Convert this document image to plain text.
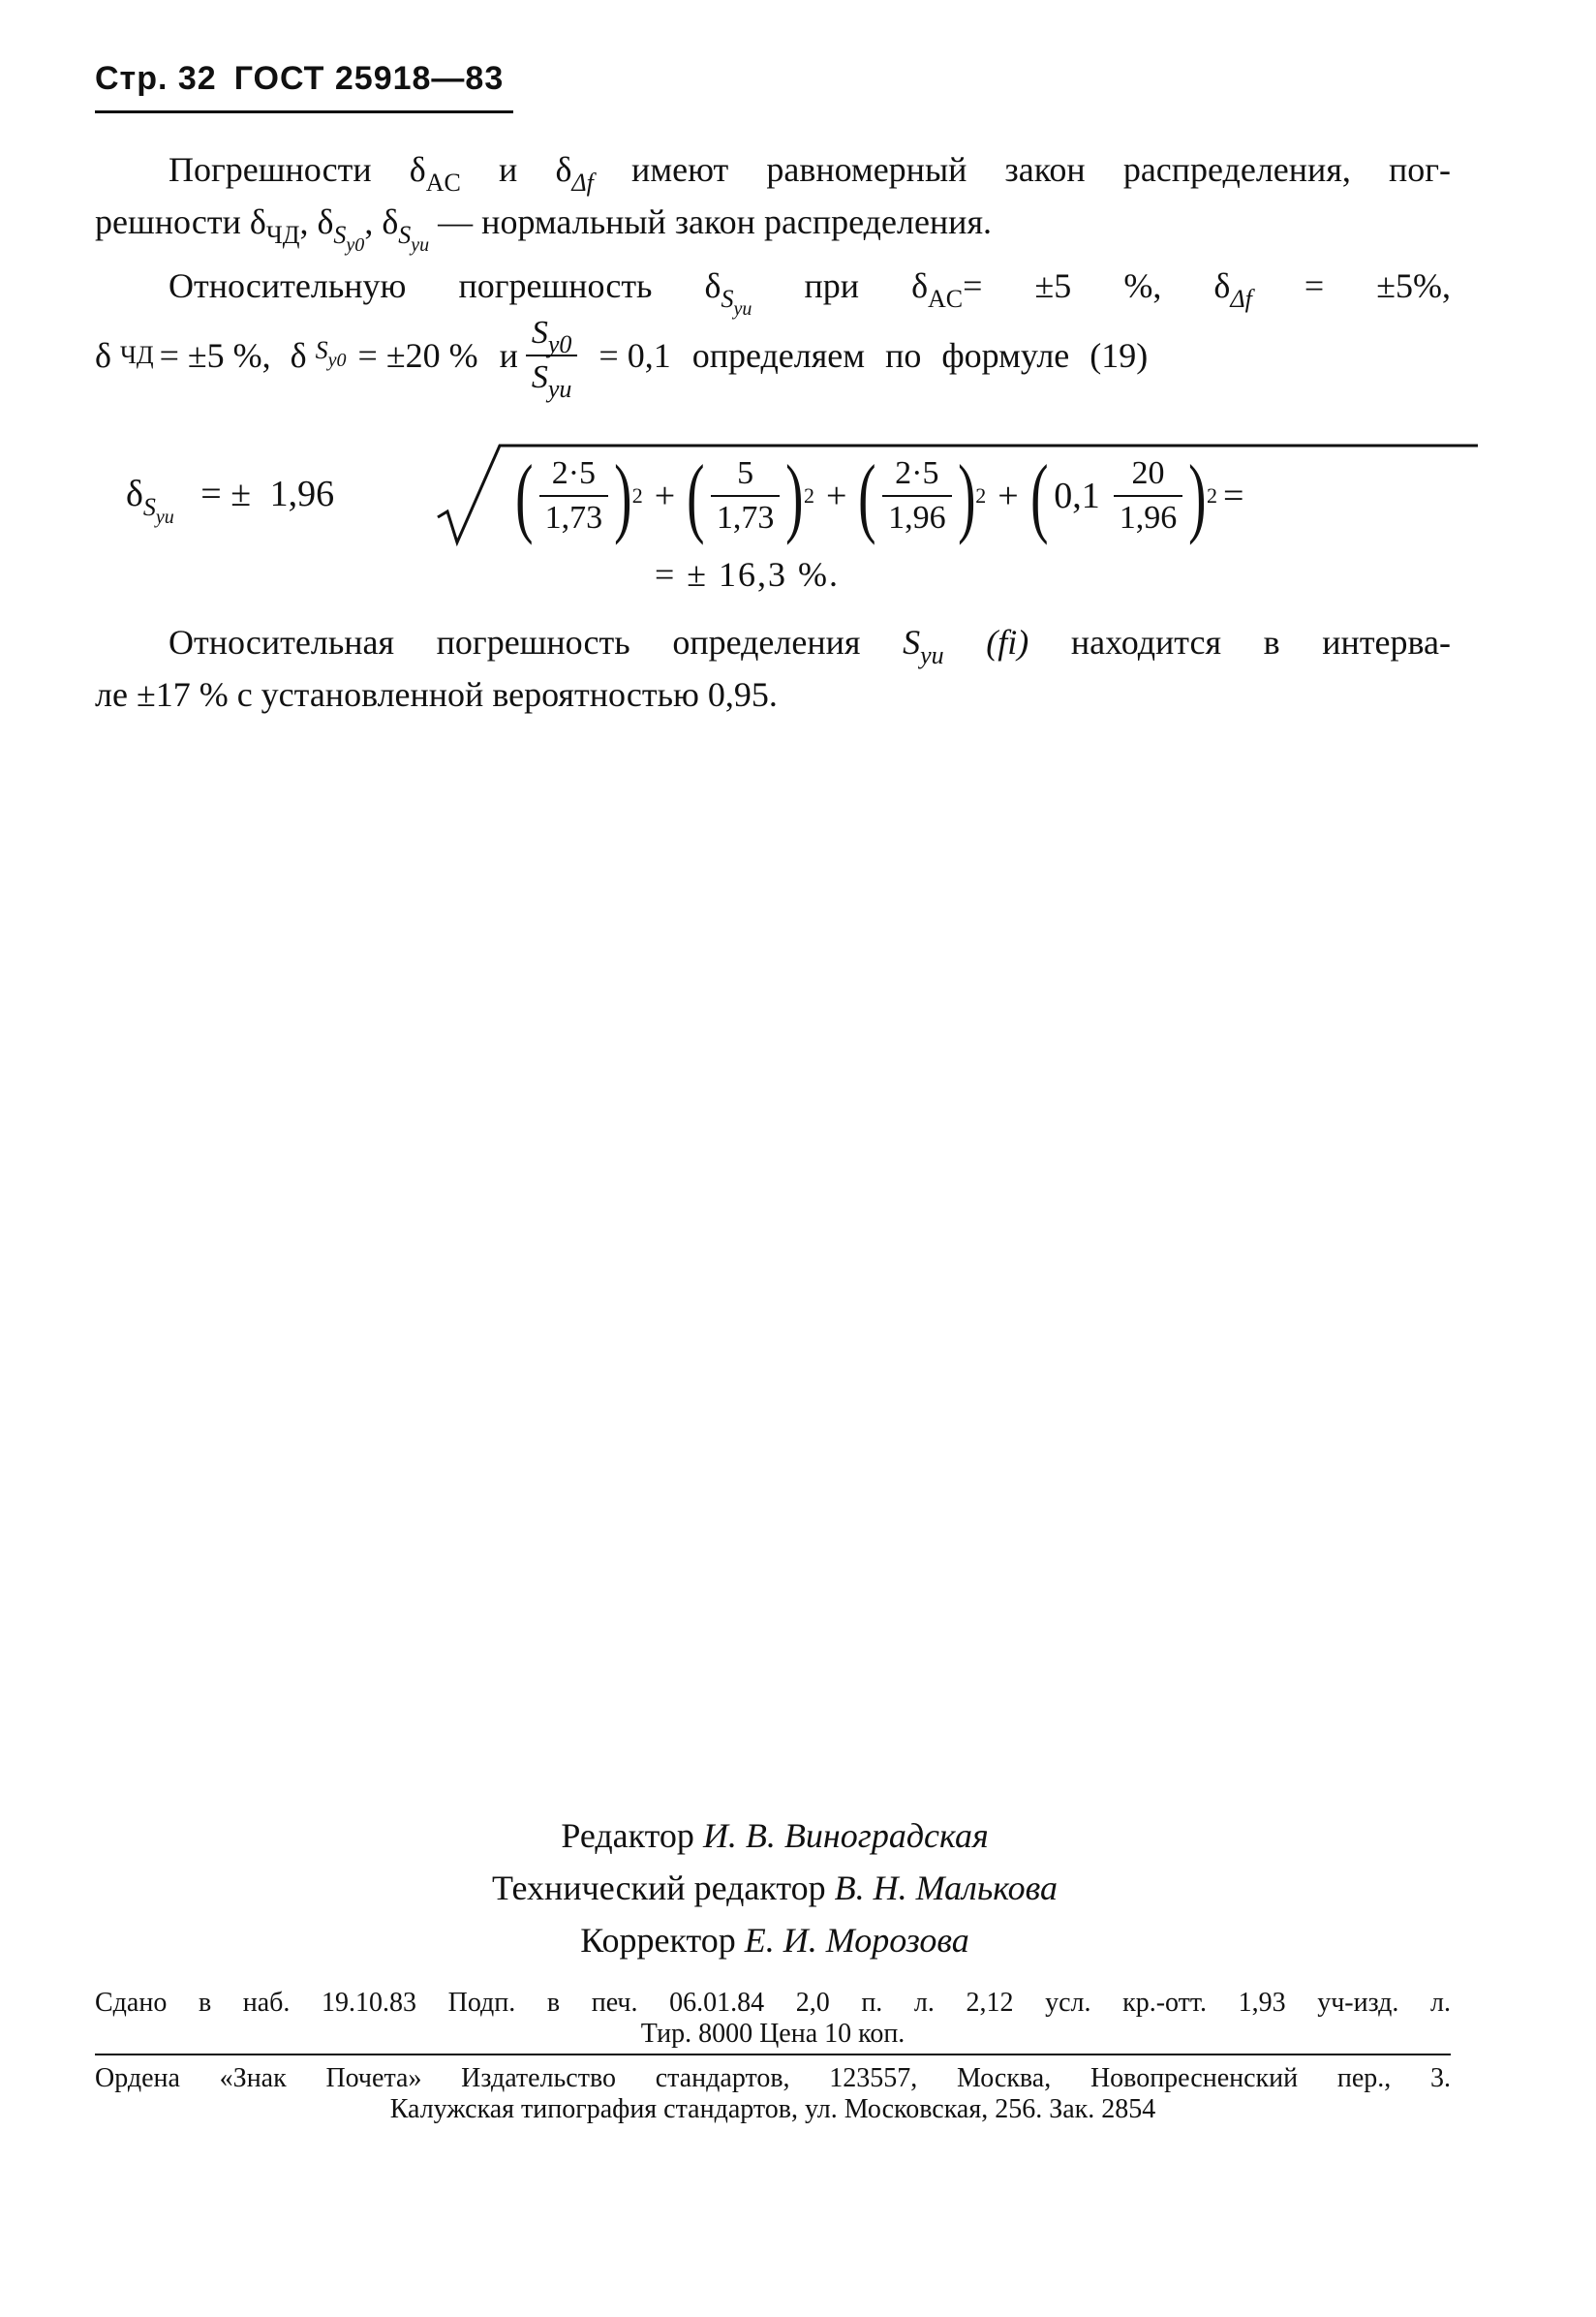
Стр. 32 ГОСТ 25918—83
Погрешности $\delta_{AC}$ и $\delta_{\Delta f}$ имеют равномерный закон распределения, пог-
решности $\delta_{ЧД}$, $\delta_{S_{y0}}$, $\delta_{S_{уи}}$ — нормальный закон распределения.
Относительную погрешность $\delta_{S_{уи}}$ при $\delta_{AC}= \pm 5$ %, $\delta_{\Delta f} = \pm 5\%$,
δ
ЧД = ±5 %, δ
$S_{y0} = \pm 20$ % и $\frac{S_{y0}}{S_{уи}} = 0,1$ определяем по формуле (19)
$\delta_{S_{уи}}$ = ± 1,96 ( $\frac{2\cdot 5}{1,73}$ ) 2 + ( $\frac{5}{1,73}$ ) 2 + ( $\frac{2\cdot 5}{1,96}$ ) 2 + ( $0,1 \frac{20}{1,96}$ ) 2 =
= ± 16,3 %.
Относительная погрешность определения $S_{уи}$ (fi) находится в интерва-
ле ±17 % с установленной вероятностью 0,95.
Редактор И. В. Виноградская
Технический редактор В. Н. Малькова
Корректор Е. И. Морозова
Сдано в наб. 19.10.83 Подп. в печ. 06.01.84 2,0 п. л. 2,12 усл. кр.-отт. 1,93 уч-изд. л.
Тир. 8000 Цена 10 коп.
Ордена «Знак Почета» Издательство стандартов, 123557, Москва, Новопресненский пер., 3.
Калужская типография стандартов, ул. Московская, 256. Зак. 2854
